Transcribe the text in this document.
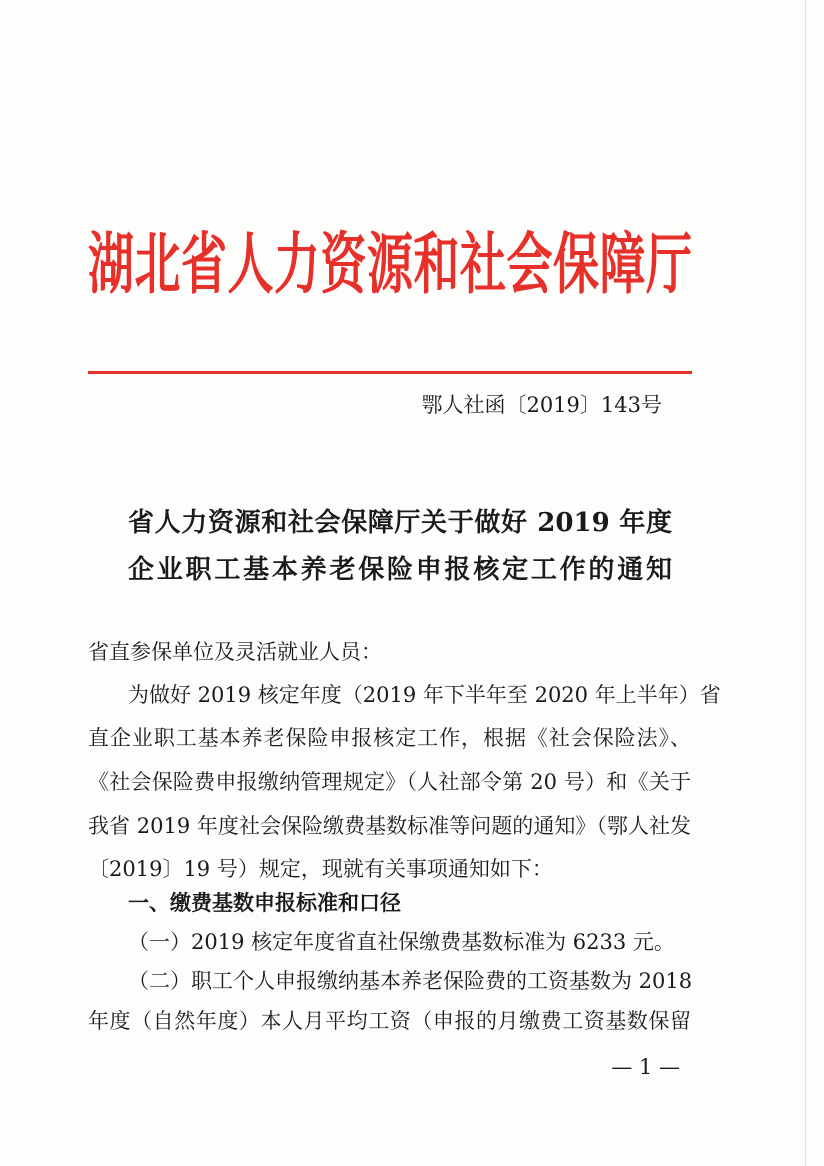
湖北省人力资源和社会保障厅
鄂人社函〔2019〕143号
省人力资源和社会保障厅关于做好 2019 年度
企业职工基本养老保险申报核定工作的通知
省直参保单位及灵活就业人员：
为做好 2019 核定年度（2019 年下半年至 2020 年上半年）省
直企业职工基本养老保险申报核定工作，根据《社会保险法》、
《社会保险费申报缴纳管理规定》（人社部令第 20 号）和《关于
我省 2019 年度社会保险缴费基数标准等问题的通知》（鄂人社发
〔2019〕19 号）规定，现就有关事项通知如下：
一、缴费基数申报标准和口径
（一）2019 核定年度省直社保缴费基数标准为 6233 元。
（二）职工个人申报缴纳基本养老保险费的工资基数为 2018
年度（自然年度）本人月平均工资（申报的月缴费工资基数保留
— 1 —
